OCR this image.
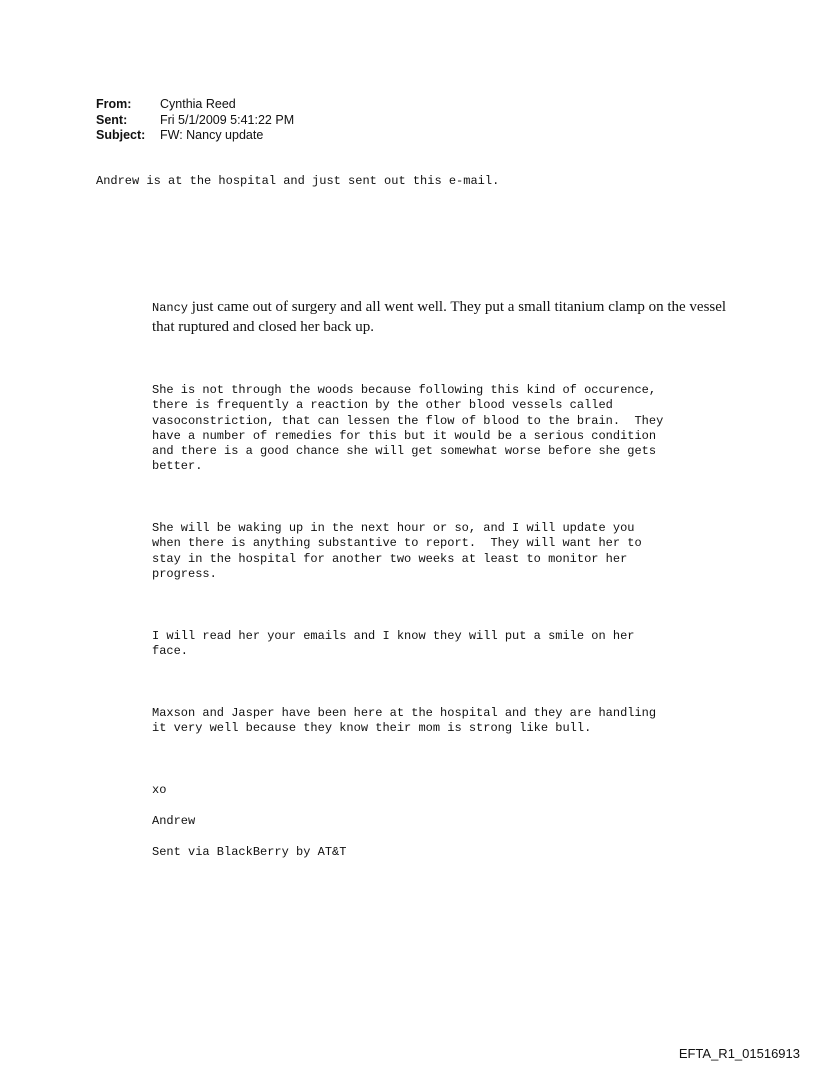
From:	Cynthia Reed
Sent:	Fri 5/1/2009 5:41:22 PM
Subject:	FW: Nancy update
Andrew is at the hospital and just sent out this e-mail.

Nancy just came out of surgery and all went well. They put a small titanium clamp on the vessel that ruptured and closed her back up.

She is not through the woods because following this kind of occurence,
there is frequently a reaction by the other blood vessels called
vasoconstriction, that can lessen the flow of blood to the brain.  They
have a number of remedies for this but it would be a serious condition
and there is a good chance she will get somewhat worse before she gets
better.

She will be waking up in the next hour or so, and I will update you
when there is anything substantive to report.  They will want her to
stay in the hospital for another two weeks at least to monitor her
progress.

I will read her your emails and I know they will put a smile on her
face.

Maxson and Jasper have been here at the hospital and they are handling
it very well because they know their mom is strong like bull.

xo

Andrew

Sent via BlackBerry by AT&T

EFTA_R1_01516913
